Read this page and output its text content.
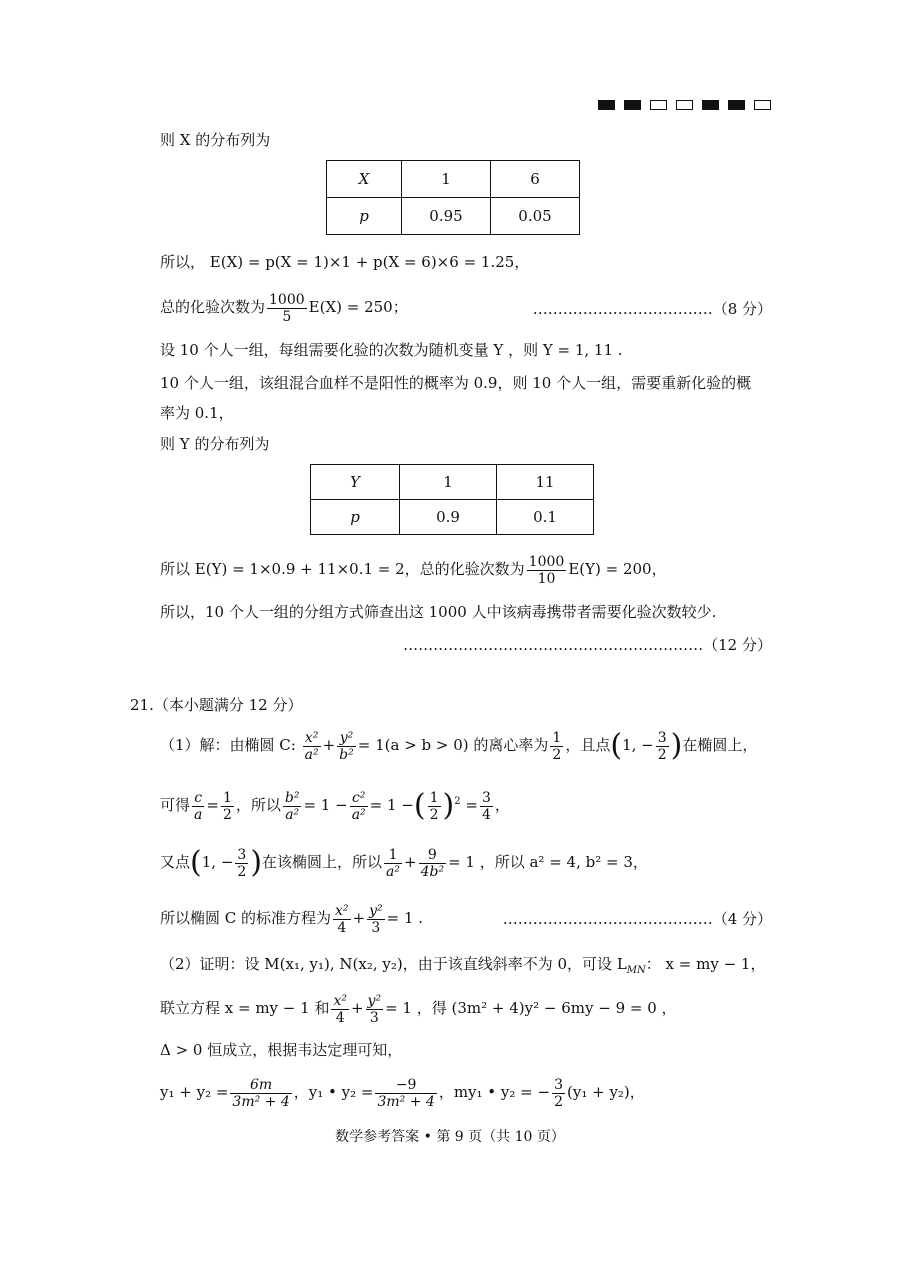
则 X 的分布列为
X	1	6
p	0.95	0.05
所以， E(X) = p(X = 1)×1 + p(X = 6)×6 = 1.25，
总的化验次数为 $\frac{1000}{5} E(X) = 250$；	………………………………（8 分）
设 10 个人一组，每组需要化验的次数为随机变量 Y ，则 Y = 1, 11 .
10 个人一组，该组混合血样不是阳性的概率为 0.9，则 10 个人一组，需要重新化验的概
率为 0.1，
则 Y 的分布列为
Y	1	11
p	0.9	0.1
所以 E(Y) = 1×0.9 + 11×0.1 = 2，总的化验次数为 $\frac{1000}{10} E(Y) = 200$，
所以，10 个人一组的分组方式筛查出这 1000 人中该病毒携带者需要化验次数较少.
……………………………………………………（12 分）
21.（本小题满分 12 分）
（1）解：由椭圆 C: $\frac{\text{x²}}{\text{a²}} + \frac{\text{y²}}{\text{b²}} = 1(a > b > 0)$ 的离心率为 $\frac{1}{2}$ ，且点(1, − $\frac{3}{2}$ )在椭圆上，
可得 $\frac{c}{a} = \frac{1}{2}$ ，所以 $\frac{\text{b²}}{\text{a²}} = 1 - \frac{\text{c²}}{\text{a²}} = 1$ −( $\frac{1}{2} )^2 = \frac{3}{4}$ ，
又点(1, − $\frac{3}{2}$ )在该椭圆上，所以 $\frac{1}{\text{a²}} + \frac{9}{\text{4b²}} = 1$ ，所以 a² = 4, b² = 3，
所以椭圆 C 的标准方程为 $\frac{\text{x²}}{4} + \frac{\text{y²}}{3} = 1$ .	……………………………………（4 分）
（2）证明：设 M(x₁, y₁), N(x₂, y₂)，由于该直线斜率不为 0，可设 $L_{MN}$： x = my − 1，
联立方程 x = my − 1 和 $\frac{\text{x²}}{4} + \frac{\text{y²}}{3} = 1$ ，得 (3m² + 4)y² − 6my − 9 = 0 ，
Δ > 0 恒成立，根据韦达定理可知，
$y_1 + y_2 = \frac{6m}{\text{3m² + 4}}$ ，y₁ • $y_2 = \frac{-9}{\text{3m² + 4}}$ ，my₁ • y₂ = − $\frac{3}{2} (y_1 + y_2)$，
数学参考答案 • 第 9 页（共 10 页）
